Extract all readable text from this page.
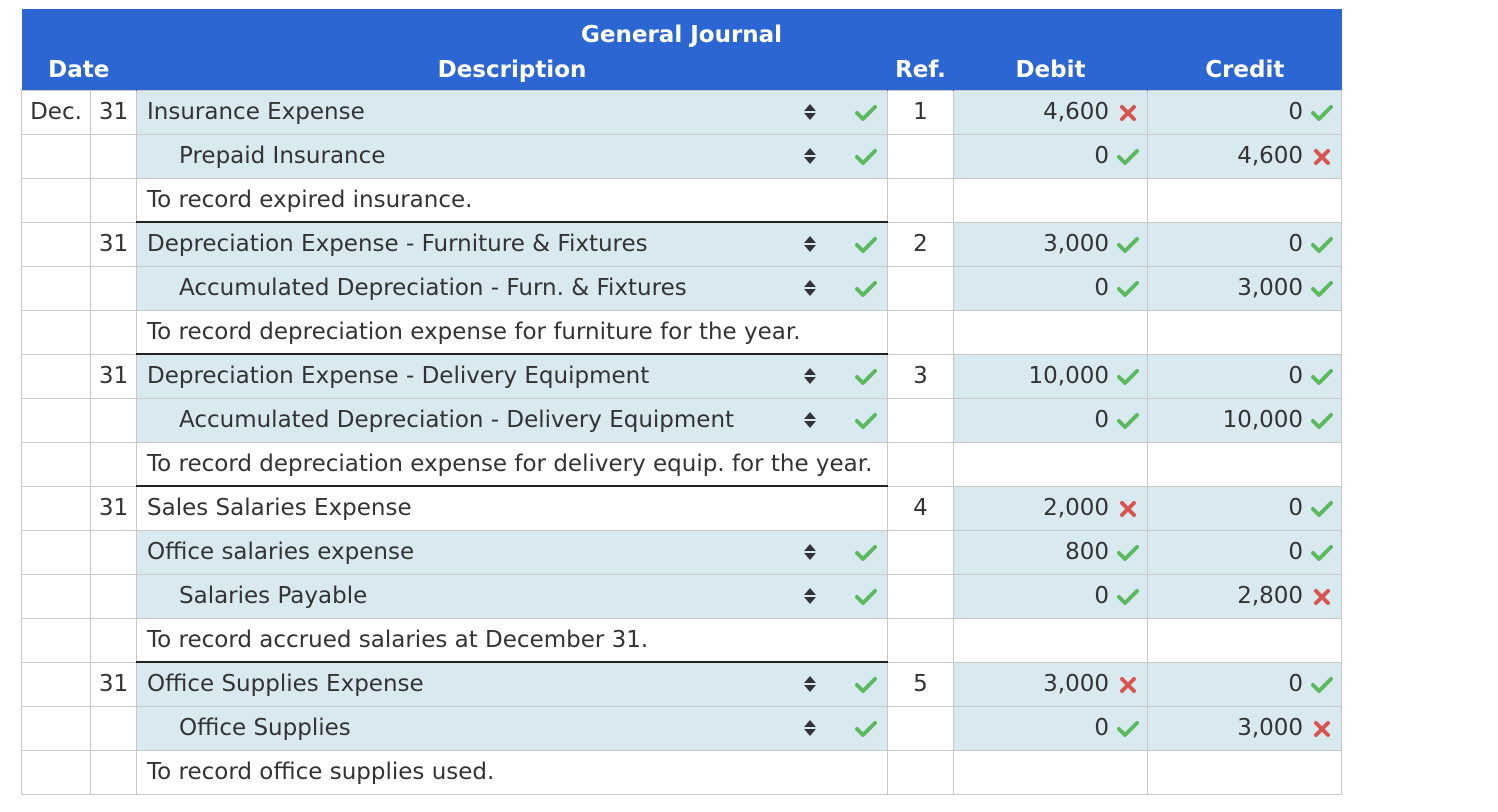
General Journal					
Date		Description	Ref.	Debit	Credit
Dec.	31	Insurance Expense	1	4,600	0

		Prepaid Insurance		0	4,600

		To record expired insurance.			

	31	Depreciation Expense - Furniture & Fixtures	2	3,000	0

		Accumulated Depreciation - Furn. & Fixtures		0	3,000

		To record depreciation expense for furniture for the year.			

	31	Depreciation Expense - Delivery Equipment	3	10,000	0

		Accumulated Depreciation - Delivery Equipment		0	10,000

		To record depreciation expense for delivery equip. for the year.			

	31	Sales Salaries Expense	4	2,000	0

		Office salaries expense		800	0

		Salaries Payable		0	2,800

		To record accrued salaries at December 31.			

	31	Office Supplies Expense	5	3,000	0

		Office Supplies		0	3,000

		To record office supplies used.			
